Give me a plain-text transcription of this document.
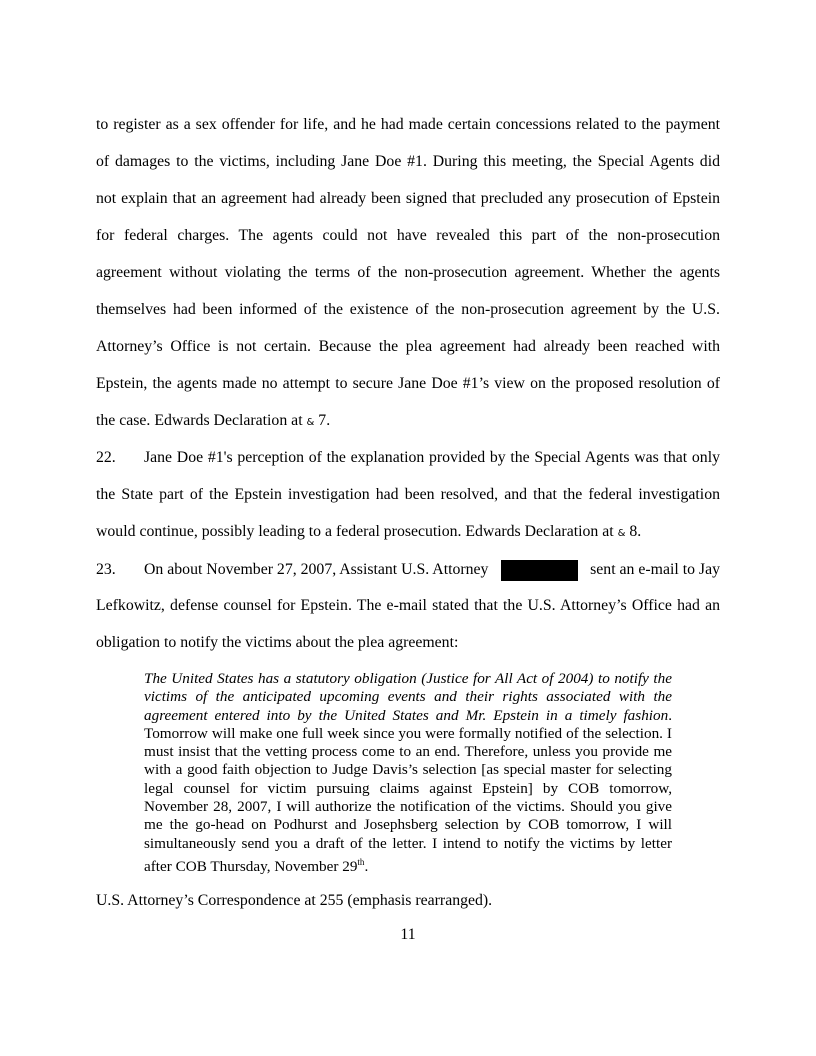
to register as a sex offender for life, and he had made certain concessions related to the payment
of damages to the victims, including Jane Doe #1. During this meeting, the Special Agents did
not explain that an agreement had already been signed that precluded any prosecution of Epstein
for federal charges. The agents could not have revealed this part of the non-prosecution
agreement without violating the terms of the non-prosecution agreement. Whether the agents
themselves had been informed of the existence of the non-prosecution agreement by the U.S.
Attorney’s Office is not certain. Because the plea agreement had already been reached with
Epstein, the agents made no attempt to secure Jane Doe #1’s view on the proposed resolution of
the case. Edwards Declaration at & 7.
22. Jane Doe #1's perception of the explanation provided by the Special Agents was that only
the State part of the Epstein investigation had been resolved, and that the federal investigation
would continue, possibly leading to a federal prosecution. Edwards Declaration at & 8.
23. On about November 27, 2007, Assistant U.S. Attorney	sent an e-mail to Jay
Lefkowitz, defense counsel for Epstein. The e-mail stated that the U.S. Attorney’s Office had an
obligation to notify the victims about the plea agreement:
The United States has a statutory obligation (Justice for All Act of 2004) to notify the victims of the anticipated upcoming events and their rights associated with the agreement entered into by the United States and Mr. Epstein in a timely fashion. Tomorrow will make one full week since you were formally notified of the selection. I must insist that the vetting process come to an end. Therefore, unless you provide me with a good faith objection to Judge Davis’s selection [as special master for selecting legal counsel for victim pursuing claims against Epstein] by COB tomorrow, November 28, 2007, I will authorize the notification of the victims. Should you give me the go-head on Podhurst and Josephsberg selection by COB tomorrow, I will simultaneously send you a draft of the letter. I intend to notify the victims by letter after COB Thursday, November 29th.
U.S. Attorney’s Correspondence at 255 (emphasis rearranged).
11
